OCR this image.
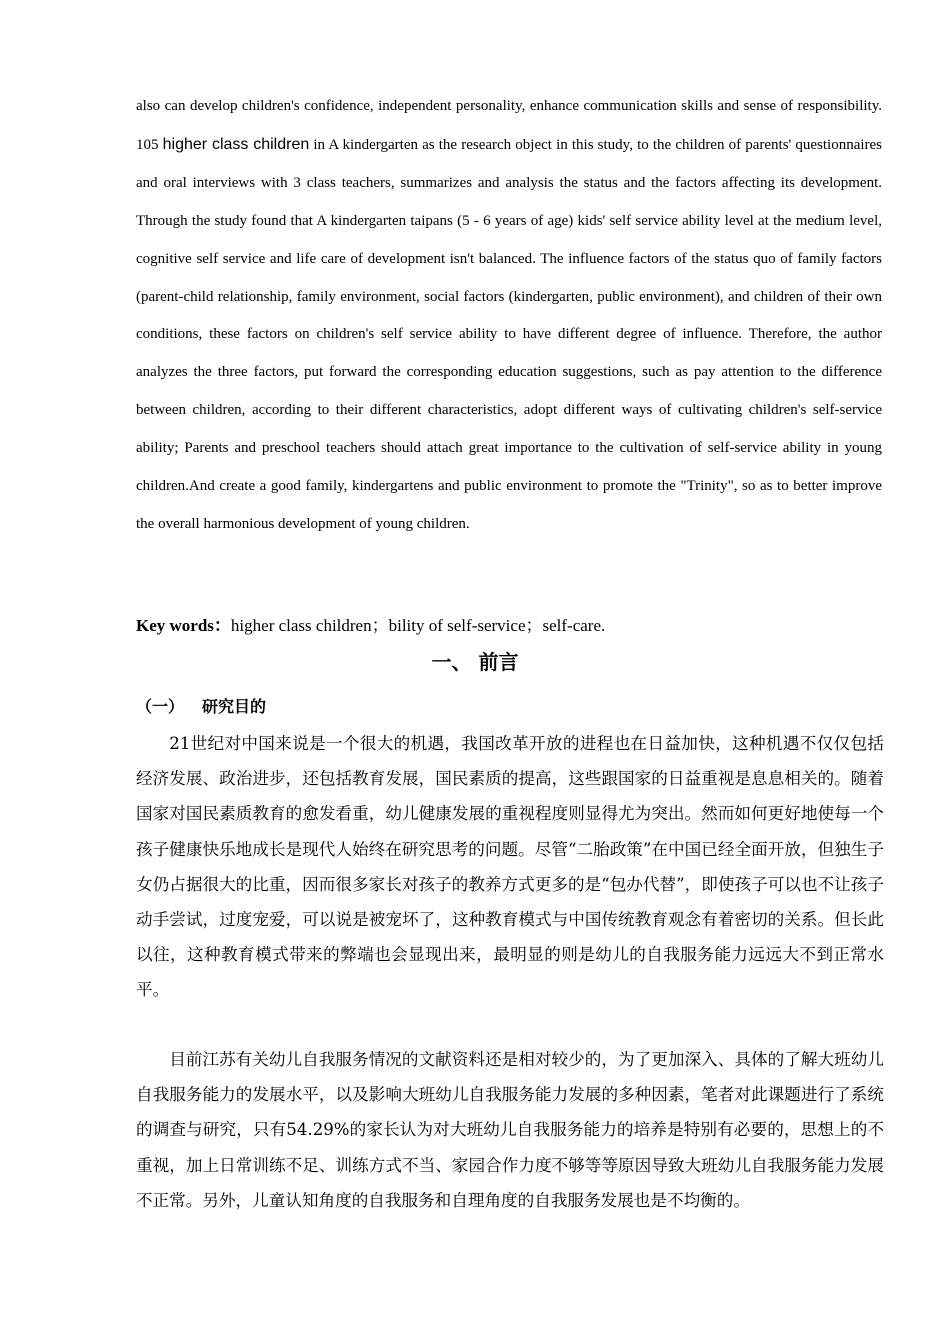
also can develop children's confidence, independent personality, enhance communication skills and sense of responsibility. 105 higher class children in A kindergarten as the research object in this study, to the children of parents' questionnaires and oral interviews with 3 class teachers, summarizes and analysis the status and the factors affecting its development. Through the study found that A kindergarten taipans (5 - 6 years of age) kids' self service ability level at the medium level, cognitive self service and life care of development isn't balanced. The influence factors of the status quo of family factors (parent-child relationship, family environment, social factors (kindergarten, public environment), and children of their own conditions, these factors on children's self service ability to have different degree of influence. Therefore, the author analyzes the three factors, put forward the corresponding education suggestions, such as pay attention to the difference between children, according to their different characteristics, adopt different ways of cultivating children's self-service ability; Parents and preschool teachers should attach great importance to the cultivation of self-service ability in young children.And create a good family, kindergartens and public environment to promote the "Trinity", so as to better improve the overall harmonious development of young children.

Key words：higher class children；bility of self-service；self-care.

一、 前言
（一） 研究目的

21世纪对中国来说是一个很大的机遇，我国改革开放的进程也在日益加快，这种机遇不仅仅包括经济发展、政治进步，还包括教育发展，国民素质的提高，这些跟国家的日益重视是息息相关的。随着国家对国民素质教育的愈发看重，幼儿健康发展的重视程度则显得尤为突出。然而如何更好地使每一个孩子健康快乐地成长是现代人始终在研究思考的问题。尽管“二胎政策”在中国已经全面开放，但独生子女仍占据很大的比重，因而很多家长对孩子的教养方式更多的是“包办代替”，即使孩子可以也不让孩子动手尝试，过度宠爱，可以说是被宠坏了，这种教育模式与中国传统教育观念有着密切的关系。但长此以往，这种教育模式带来的弊端也会显现出来，最明显的则是幼儿的自我服务能力远远大不到正常水平。

目前江苏有关幼儿自我服务情况的文献资料还是相对较少的，为了更加深入、具体的了解大班幼儿自我服务能力的发展水平，以及影响大班幼儿自我服务能力发展的多种因素，笔者对此课题进行了系统的调查与研究，只有54.29%的家长认为对大班幼儿自我服务能力的培养是特别有必要的，思想上的不重视，加上日常训练不足、训练方式不当、家园合作力度不够等等原因导致大班幼儿自我服务能力发展不正常。另外，儿童认知角度的自我服务和自理角度的自我服务发展也是不均衡的。
